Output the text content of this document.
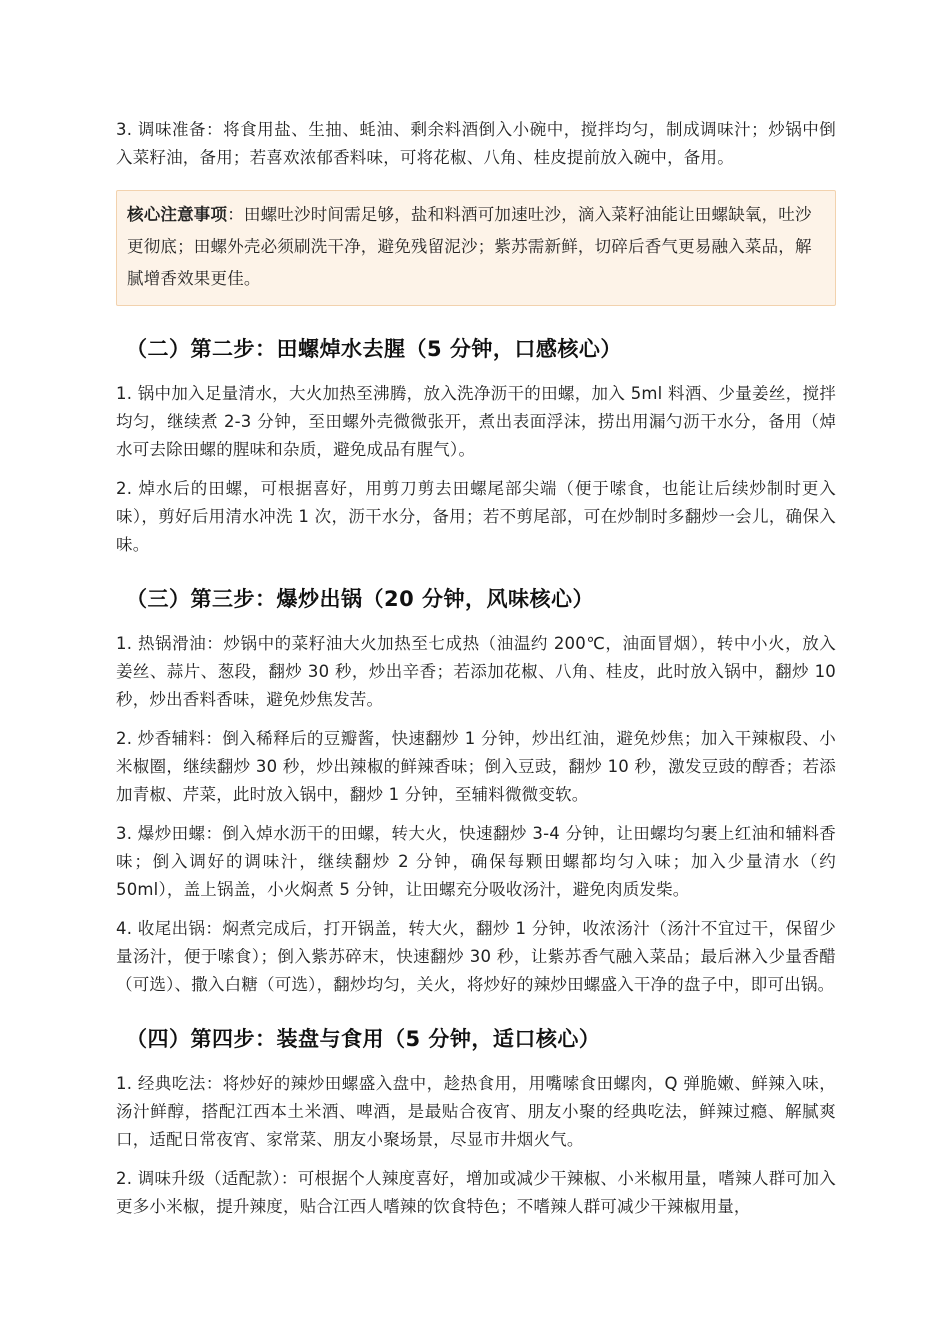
3. 调味准备：将食用盐、生抽、蚝油、剩余料酒倒入小碗中，搅拌均匀，制成调味汁；炒锅中倒入菜籽油，备用；若喜欢浓郁香料味，可将花椒、八角、桂皮提前放入碗中，备用。

核心注意事项：田螺吐沙时间需足够，盐和料酒可加速吐沙，滴入菜籽油能让田螺缺氧，吐沙更彻底；田螺外壳必须刷洗干净，避免残留泥沙；紫苏需新鲜，切碎后香气更易融入菜品，解腻增香效果更佳。
（二）第二步：田螺焯水去腥（5 分钟，口感核心）

1. 锅中加入足量清水，大火加热至沸腾，放入洗净沥干的田螺，加入 5ml 料酒、少量姜丝，搅拌均匀，继续煮 2-3 分钟，至田螺外壳微微张开，煮出表面浮沫，捞出用漏勺沥干水分，备用（焯水可去除田螺的腥味和杂质，避免成品有腥气）。

2. 焯水后的田螺，可根据喜好，用剪刀剪去田螺尾部尖端（便于嗦食，也能让后续炒制时更入味），剪好后用清水冲洗 1 次，沥干水分，备用；若不剪尾部，可在炒制时多翻炒一会儿，确保入味。

（三）第三步：爆炒出锅（20 分钟，风味核心）

1. 热锅滑油：炒锅中的菜籽油大火加热至七成热（油温约 200℃，油面冒烟），转中小火，放入姜丝、蒜片、葱段，翻炒 30 秒，炒出辛香；若添加花椒、八角、桂皮，此时放入锅中，翻炒 10 秒，炒出香料香味，避免炒焦发苦。

2. 炒香辅料：倒入稀释后的豆瓣酱，快速翻炒 1 分钟，炒出红油，避免炒焦；加入干辣椒段、小米椒圈，继续翻炒 30 秒，炒出辣椒的鲜辣香味；倒入豆豉，翻炒 10 秒，激发豆豉的醇香；若添加青椒、芹菜，此时放入锅中，翻炒 1 分钟，至辅料微微变软。

3. 爆炒田螺：倒入焯水沥干的田螺，转大火，快速翻炒 3-4 分钟，让田螺均匀裹上红油和辅料香味；倒入调好的调味汁，继续翻炒 2 分钟，确保每颗田螺都均匀入味；加入少量清水（约 50ml），盖上锅盖，小火焖煮 5 分钟，让田螺充分吸收汤汁，避免肉质发柴。

4. 收尾出锅：焖煮完成后，打开锅盖，转大火，翻炒 1 分钟，收浓汤汁（汤汁不宜过干，保留少量汤汁，便于嗦食）；倒入紫苏碎末，快速翻炒 30 秒，让紫苏香气融入菜品；最后淋入少量香醋（可选）、撒入白糖（可选），翻炒均匀，关火，将炒好的辣炒田螺盛入干净的盘子中，即可出锅。

（四）第四步：装盘与食用（5 分钟，适口核心）

1. 经典吃法：将炒好的辣炒田螺盛入盘中，趁热食用，用嘴嗦食田螺肉，Q 弹脆嫩、鲜辣入味，汤汁鲜醇，搭配江西本土米酒、啤酒，是最贴合夜宵、朋友小聚的经典吃法，鲜辣过瘾、解腻爽口，适配日常夜宵、家常菜、朋友小聚场景，尽显市井烟火气。

2. 调味升级（适配款）：可根据个人辣度喜好，增加或减少干辣椒、小米椒用量，嗜辣人群可加入更多小米椒，提升辣度，贴合江西人嗜辣的饮食特色；不嗜辣人群可减少干辣椒用量，
